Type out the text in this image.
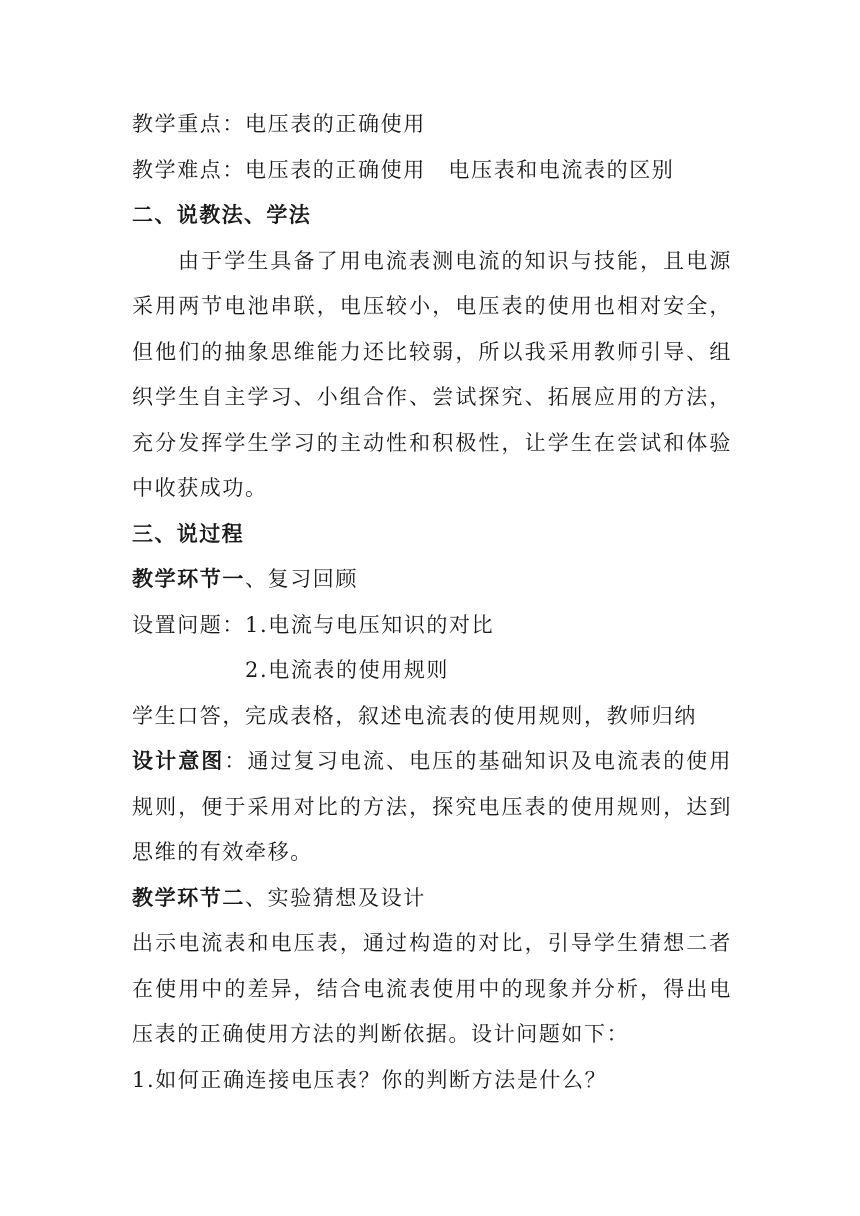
教学重点：电压表的正确使用
教学难点：电压表的正确使用　电压表和电流表的区别
二、说教法、学法
由于学生具备了用电流表测电流的知识与技能，且电源
采用两节电池串联，电压较小，电压表的使用也相对安全，
但他们的抽象思维能力还比较弱，所以我采用教师引导、组
织学生自主学习、小组合作、尝试探究、拓展应用的方法，
充分发挥学生学习的主动性和积极性，让学生在尝试和体验
中收获成功。
三、说过程
教学环节一、复习回顾
设置问题：1.电流与电压知识的对比
2.电流表的使用规则
学生口答，完成表格，叙述电流表的使用规则，教师归纳
设计意图：通过复习电流、电压的基础知识及电流表的使用
规则，便于采用对比的方法，探究电压表的使用规则，达到
思维的有效牵移。
教学环节二、实验猜想及设计
出示电流表和电压表，通过构造的对比，引导学生猜想二者
在使用中的差异，结合电流表使用中的现象并分析，得出电
压表的正确使用方法的判断依据。设计问题如下：
1.如何正确连接电压表？你的判断方法是什么？
